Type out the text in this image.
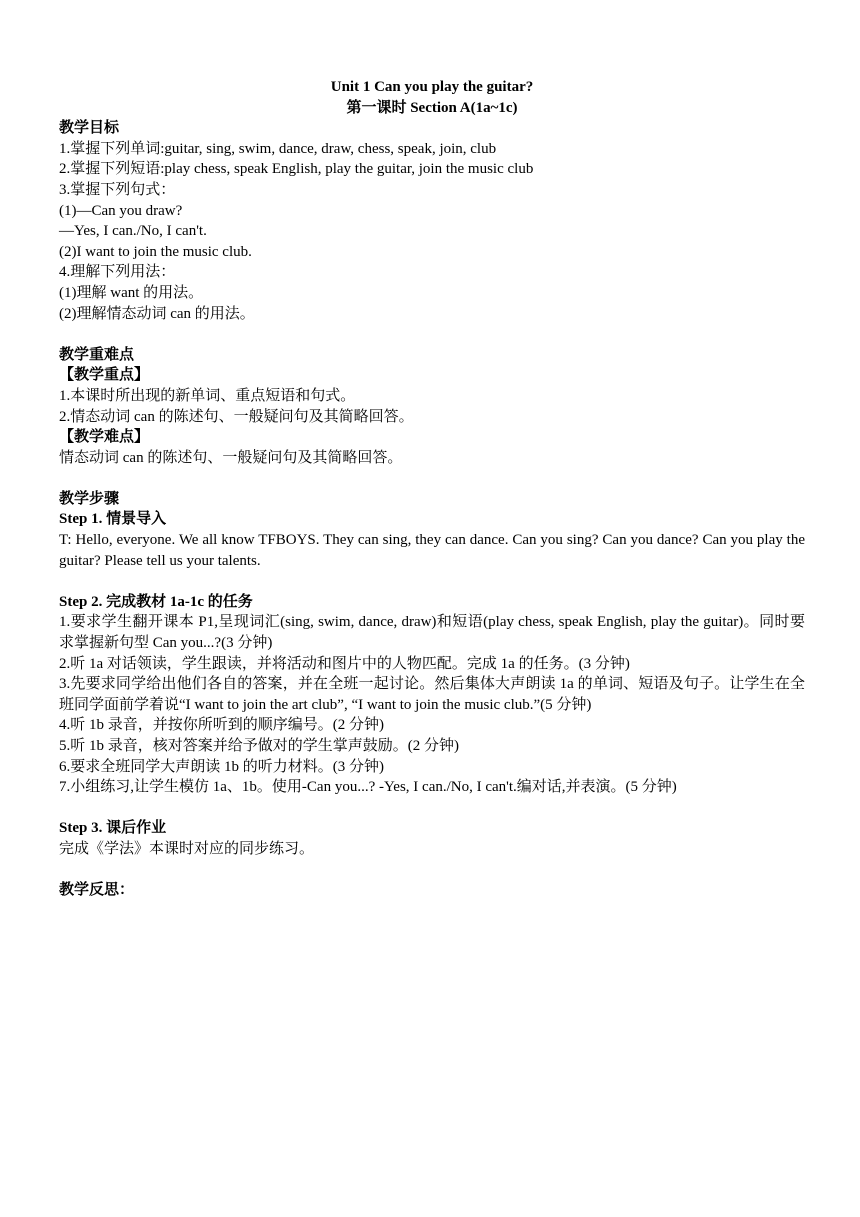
Unit 1 Can you play the guitar?
第一课时 Section A(1a~1c)
教学目标
1.掌握下列单词:guitar, sing, swim, dance, draw, chess, speak, join, club
2.掌握下列短语:play chess, speak English, play the guitar, join the music club
3.掌握下列句式：
(1)—Can you draw?
—Yes, I can./No, I can't.
(2)I want to join the music club.
4.理解下列用法：
(1)理解 want 的用法。
(2)理解情态动词 can 的用法。
教学重难点
【教学重点】
1.本课时所出现的新单词、重点短语和句式。
2.情态动词 can 的陈述句、一般疑问句及其简略回答。
【教学难点】
情态动词 can 的陈述句、一般疑问句及其简略回答。
教学步骤
Step 1. 情景导入
T: Hello, everyone. We all know TFBOYS. They can sing, they can dance. Can you sing? Can you dance? Can you play the guitar? Please tell us your talents.
Step 2. 完成教材 1a-1c 的任务
1.要求学生翻开课本 P1,呈现词汇(sing, swim, dance, draw)和短语(play chess, speak English, play the guitar)。同时要求掌握新句型 Can you...?(3 分钟)
2.听 1a 对话领读，学生跟读，并将活动和图片中的人物匹配。完成 1a 的任务。(3 分钟)
3.先要求同学给出他们各自的答案，并在全班一起讨论。然后集体大声朗读 1a 的单词、短语及句子。让学生在全班同学面前学着说“I want to join the art club”, “I want to join the music club.”(5 分钟)
4.听 1b 录音，并按你所听到的顺序编号。(2 分钟)
5.听 1b 录音，核对答案并给予做对的学生掌声鼓励。(2 分钟)
6.要求全班同学大声朗读 1b 的听力材料。(3 分钟)
7.小组练习,让学生模仿 1a、1b。使用-Can you...? -Yes, I can./No, I can't.编对话,并表演。(5 分钟)
Step 3. 课后作业
完成《学法》本课时对应的同步练习。
教学反思：
